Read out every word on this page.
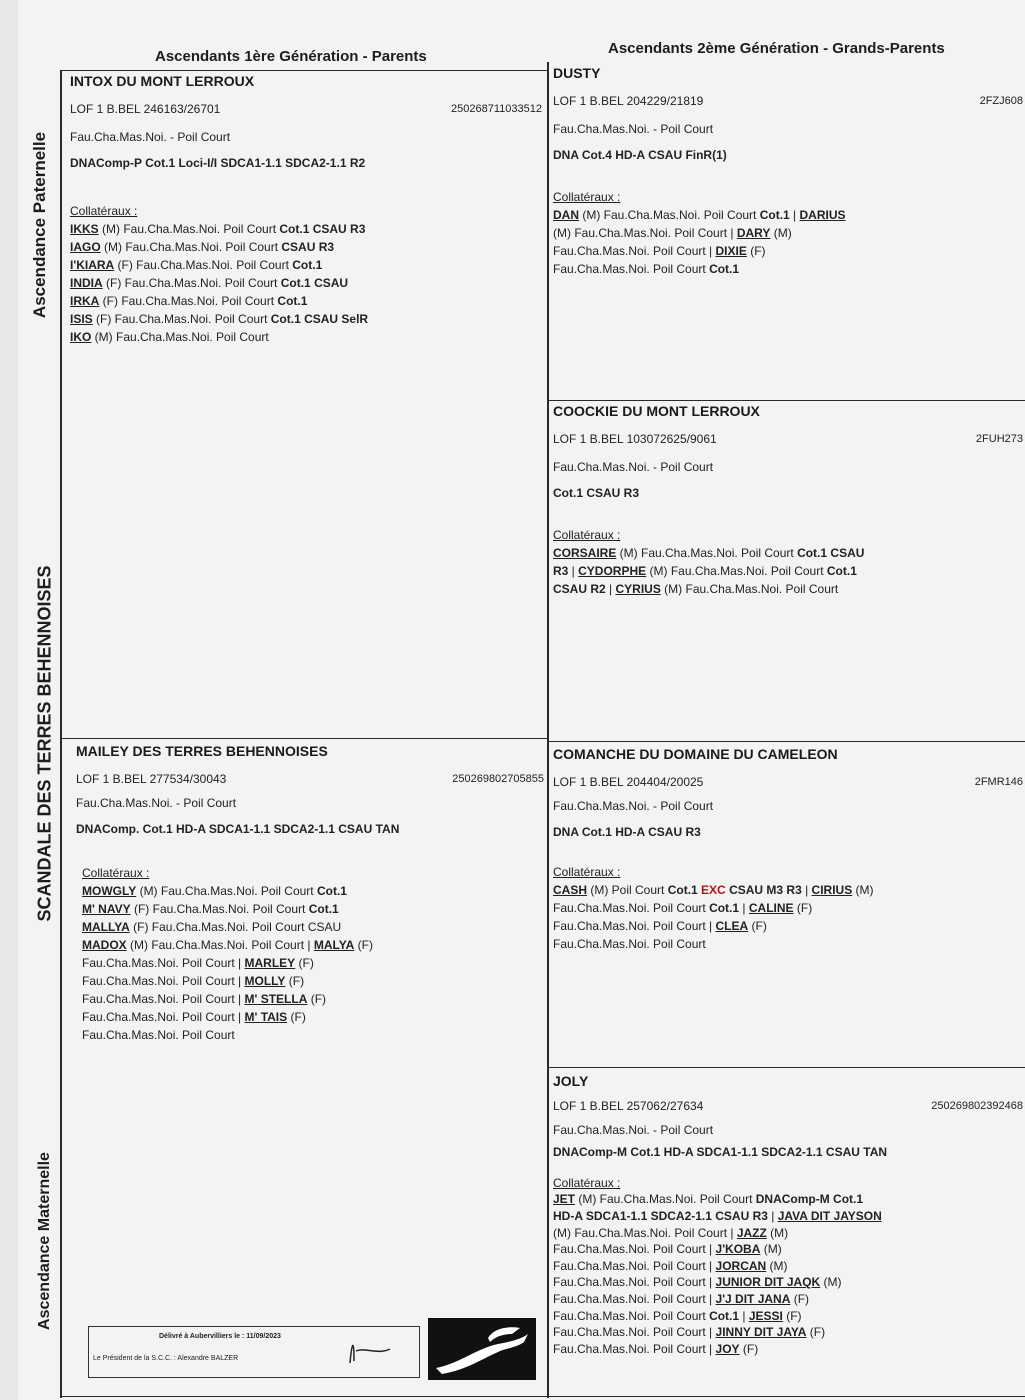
Ascendants 1ère Génération - Parents	Ascendants 2ème Génération - Grands-Parents
Ascendance Paternelle
SCANDALE DES TERRES BEHENNOISES
Ascendance Maternelle
INTOX DU MONT LERROUX
LOF 1 B.BEL 246163/26701	250268711033512
Fau.Cha.Mas.Noi. - Poil Court
DNAComp-P Cot.1 Loci-I/I SDCA1-1.1 SDCA2-1.1 R2
Collatéraux :
IKKS (M) Fau.Cha.Mas.Noi. Poil Court Cot.1 CSAU R3
IAGO (M) Fau.Cha.Mas.Noi. Poil Court CSAU R3
I'KIARA (F) Fau.Cha.Mas.Noi. Poil Court Cot.1
INDIA (F) Fau.Cha.Mas.Noi. Poil Court Cot.1 CSAU
IRKA (F) Fau.Cha.Mas.Noi. Poil Court Cot.1
ISIS (F) Fau.Cha.Mas.Noi. Poil Court Cot.1 CSAU SelR
IKO (M) Fau.Cha.Mas.Noi. Poil Court
DUSTY
LOF 1 B.BEL 204229/21819	2FZJ608
Fau.Cha.Mas.Noi. - Poil Court
DNA Cot.4 HD-A CSAU FinR(1)
Collatéraux :
DAN (M) Fau.Cha.Mas.Noi. Poil Court Cot.1 | DARIUS
(M) Fau.Cha.Mas.Noi. Poil Court | DARY (M)
Fau.Cha.Mas.Noi. Poil Court | DIXIE (F)
Fau.Cha.Mas.Noi. Poil Court Cot.1
COOCKIE DU MONT LERROUX
LOF 1 B.BEL 103072625/9061	2FUH273
Fau.Cha.Mas.Noi. - Poil Court
Cot.1 CSAU R3
Collatéraux :
CORSAIRE (M) Fau.Cha.Mas.Noi. Poil Court Cot.1 CSAU
R3 | CYDORPHE (M) Fau.Cha.Mas.Noi. Poil Court Cot.1
CSAU R2 | CYRIUS (M) Fau.Cha.Mas.Noi. Poil Court
MAILEY DES TERRES BEHENNOISES
LOF 1 B.BEL 277534/30043	250269802705855
Fau.Cha.Mas.Noi. - Poil Court
DNAComp. Cot.1 HD-A SDCA1-1.1 SDCA2-1.1 CSAU TAN
Collatéraux :
MOWGLY (M) Fau.Cha.Mas.Noi. Poil Court Cot.1
M' NAVY (F) Fau.Cha.Mas.Noi. Poil Court Cot.1
MALLYA (F) Fau.Cha.Mas.Noi. Poil Court CSAU
MADOX (M) Fau.Cha.Mas.Noi. Poil Court | MALYA (F)
Fau.Cha.Mas.Noi. Poil Court | MARLEY (F)
Fau.Cha.Mas.Noi. Poil Court | MOLLY (F)
Fau.Cha.Mas.Noi. Poil Court | M' STELLA (F)
Fau.Cha.Mas.Noi. Poil Court | M' TAIS (F)
Fau.Cha.Mas.Noi. Poil Court
COMANCHE DU DOMAINE DU CAMELEON
LOF 1 B.BEL 204404/20025	2FMR146
Fau.Cha.Mas.Noi. - Poil Court
DNA Cot.1 HD-A CSAU R3
Collatéraux :
CASH (M) Poil Court Cot.1 EXC CSAU M3 R3 | CIRIUS (M)
Fau.Cha.Mas.Noi. Poil Court Cot.1 | CALINE (F)
Fau.Cha.Mas.Noi. Poil Court | CLEA (F)
Fau.Cha.Mas.Noi. Poil Court
JOLY
LOF 1 B.BEL 257062/27634	250269802392468
Fau.Cha.Mas.Noi. - Poil Court
DNAComp-M Cot.1 HD-A SDCA1-1.1 SDCA2-1.1 CSAU TAN
Collatéraux :
JET (M) Fau.Cha.Mas.Noi. Poil Court DNAComp-M Cot.1
HD-A SDCA1-1.1 SDCA2-1.1 CSAU R3 | JAVA DIT JAYSON
(M) Fau.Cha.Mas.Noi. Poil Court | JAZZ (M)
Fau.Cha.Mas.Noi. Poil Court | J'KOBA (M)
Fau.Cha.Mas.Noi. Poil Court | JORCAN (M)
Fau.Cha.Mas.Noi. Poil Court | JUNIOR DIT JAQK (M)
Fau.Cha.Mas.Noi. Poil Court | J'J DIT JANA (F)
Fau.Cha.Mas.Noi. Poil Court Cot.1 | JESSI (F)
Fau.Cha.Mas.Noi. Poil Court | JINNY DIT JAYA (F)
Fau.Cha.Mas.Noi. Poil Court | JOY (F)
Délivré à Aubervilliers le : 11/09/2023
Le Président de la S.C.C. : Alexandre BALZER
